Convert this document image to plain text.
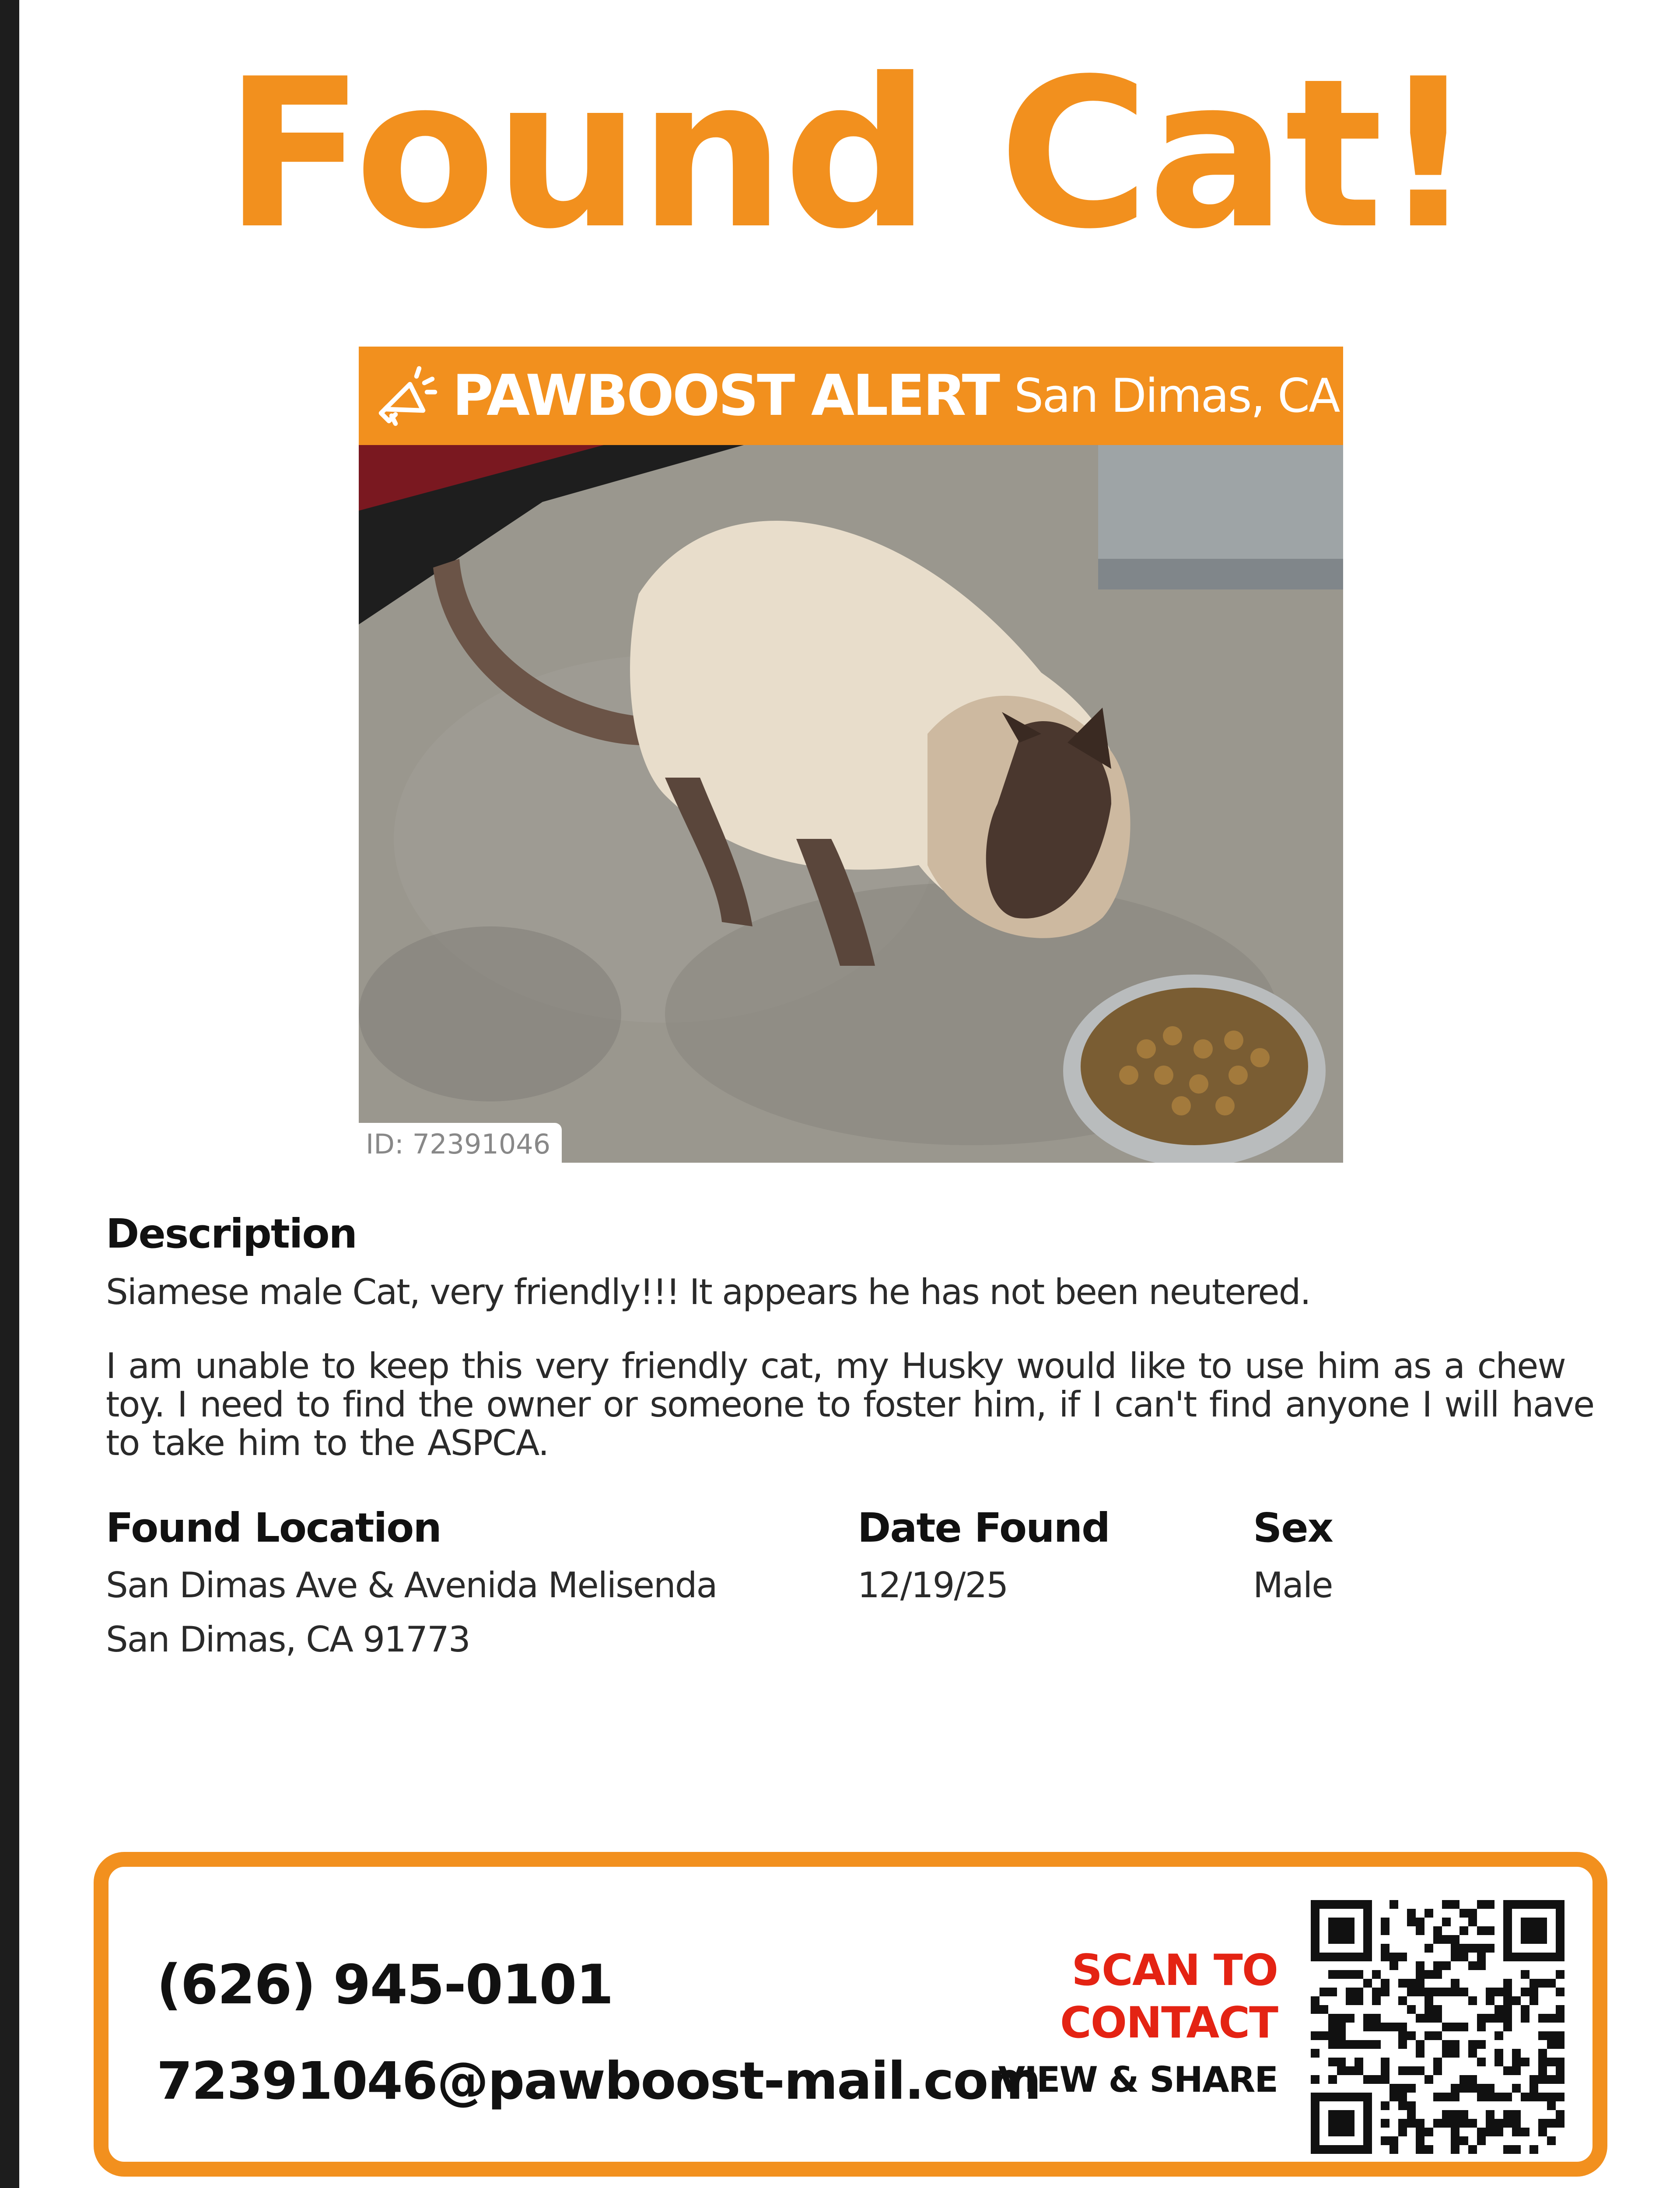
Found Cat!
PAWBOOST ALERT San Dimas, CA
ID: 72391046
Description
Siamese male Cat, very friendly!!! It appears he has not been neutered.
I am unable to keep this very friendly cat, my Husky would like to use him as a chew toy. I need to find the owner or someone to foster him, if I can't find anyone I will have to take him to the ASPCA.
Found Location
San Dimas Ave & Avenida Melisenda
San Dimas, CA 91773
Date Found
12/19/25
Sex
Male
(626) 945-0101
72391046@pawboost-mail.com
SCAN TO
CONTACT
VIEW & SHARE
